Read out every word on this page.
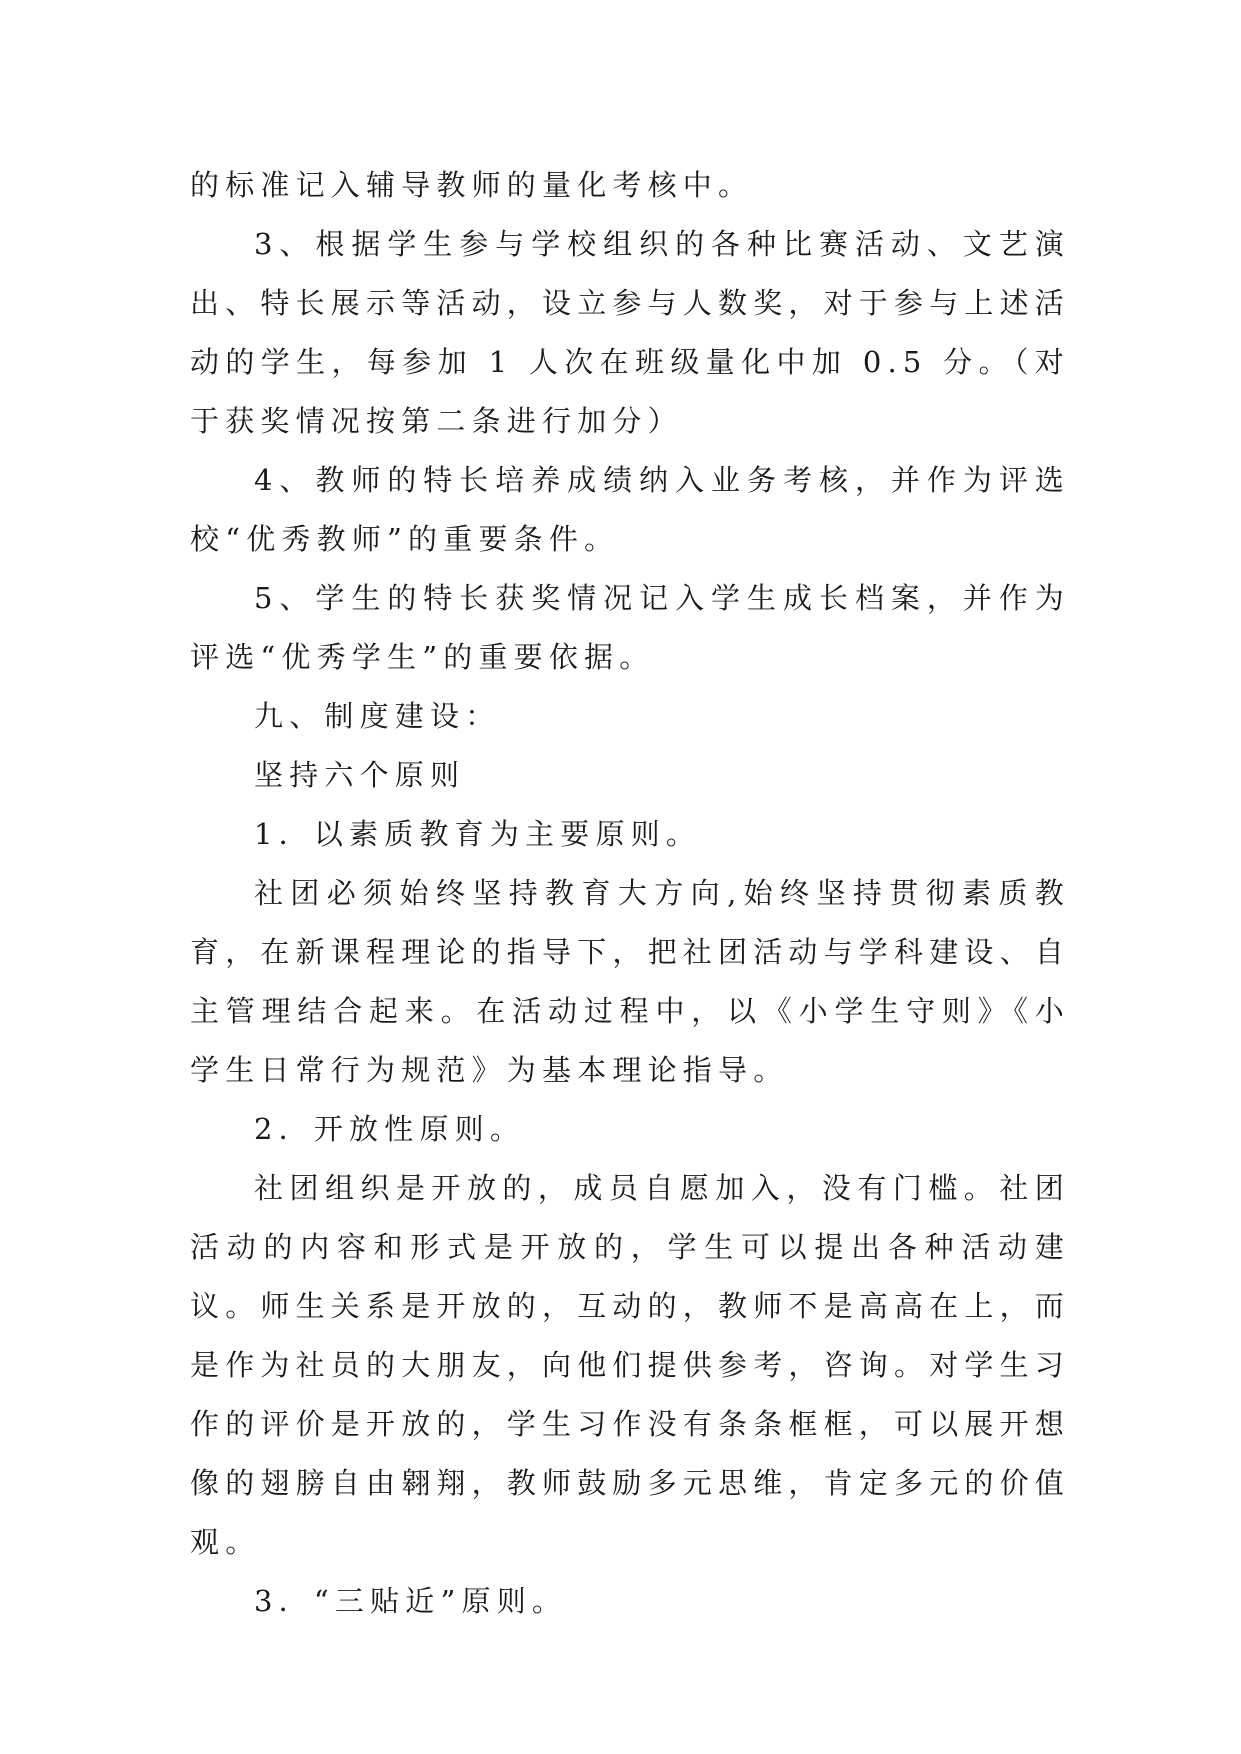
的标准记入辅导教师的量化考核中。

3、根据学生参与学校组织的各种比赛活动、文艺演出、特长展示等活动，设立参与人数奖，对于参与上述活动的学生，每参加 1 人次在班级量化中加 0.5 分。（对于获奖情况按第二条进行加分）

4、教师的特长培养成绩纳入业务考核，并作为评选校“优秀教师”的重要条件。

5、学生的特长获奖情况记入学生成长档案，并作为评选“优秀学生”的重要依据。

九、制度建设：

坚持六个原则

1．以素质教育为主要原则。

社团必须始终坚持教育大方向,始终坚持贯彻素质教育，在新课程理论的指导下，把社团活动与学科建设、自主管理结合起来。在活动过程中，以《小学生守则》《小学生日常行为规范》为基本理论指导。

2．开放性原则。

社团组织是开放的，成员自愿加入，没有门槛。社团活动的内容和形式是开放的，学生可以提出各种活动建议。师生关系是开放的，互动的，教师不是高高在上，而是作为社员的大朋友，向他们提供参考，咨询。对学生习作的评价是开放的，学生习作没有条条框框，可以展开想像的翅膀自由翱翔，教师鼓励多元思维，肯定多元的价值观。

3．“三贴近”原则。
